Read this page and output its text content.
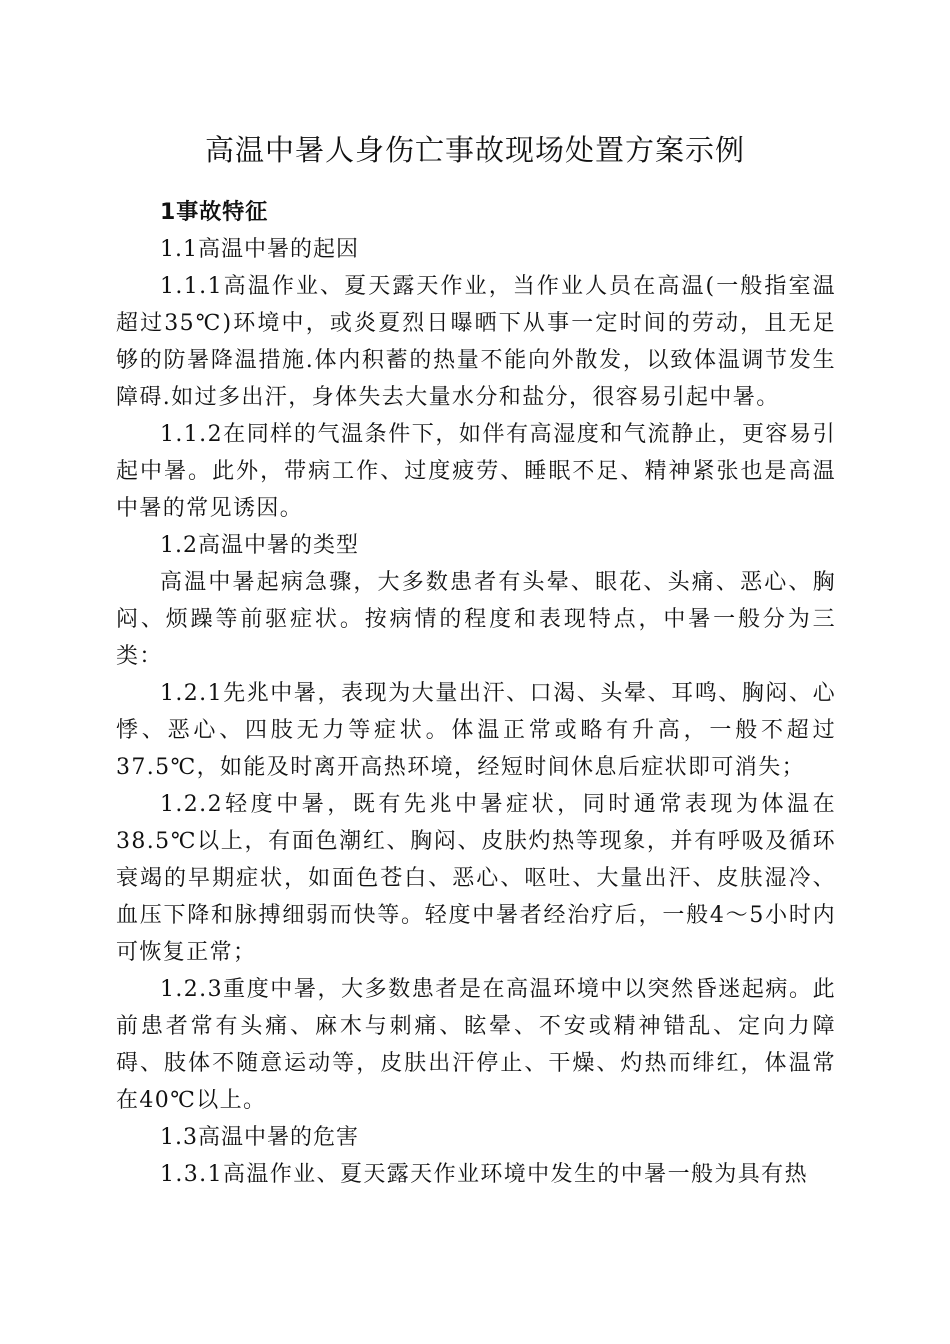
高温中暑人身伤亡事故现场处置方案示例

1事故特征

1.1高温中暑的起因

1.1.1高温作业、夏天露天作业，当作业人员在高温(一般指室温超过35℃)环境中，或炎夏烈日曝晒下从事一定时间的劳动，且无足够的防暑降温措施.体内积蓄的热量不能向外散发，以致体温调节发生障碍.如过多出汗，身体失去大量水分和盐分，很容易引起中暑。

1.1.2在同样的气温条件下，如伴有高湿度和气流静止，更容易引起中暑。此外，带病工作、过度疲劳、睡眠不足、精神紧张也是高温中暑的常见诱因。

1.2高温中暑的类型

高温中暑起病急骤，大多数患者有头晕、眼花、头痛、恶心、胸闷、烦躁等前驱症状。按病情的程度和表现特点，中暑一般分为三类：

1.2.1先兆中暑，表现为大量出汗、口渴、头晕、耳鸣、胸闷、心悸、恶心、四肢无力等症状。体温正常或略有升高，一般不超过37.5℃，如能及时离开高热环境，经短时间休息后症状即可消失；

1.2.2轻度中暑，既有先兆中暑症状，同时通常表现为体温在38.5℃以上，有面色潮红、胸闷、皮肤灼热等现象，并有呼吸及循环衰竭的早期症状，如面色苍白、恶心、呕吐、大量出汗、皮肤湿冷、血压下降和脉搏细弱而快等。轻度中暑者经治疗后，一般4～5小时内可恢复正常；

1.2.3重度中暑，大多数患者是在高温环境中以突然昏迷起病。此前患者常有头痛、麻木与刺痛、眩晕、不安或精神错乱、定向力障碍、肢体不随意运动等，皮肤出汗停止、干燥、灼热而绯红，体温常在40℃以上。

1.3高温中暑的危害

1.3.1高温作业、夏天露天作业环境中发生的中暑一般为具有热
